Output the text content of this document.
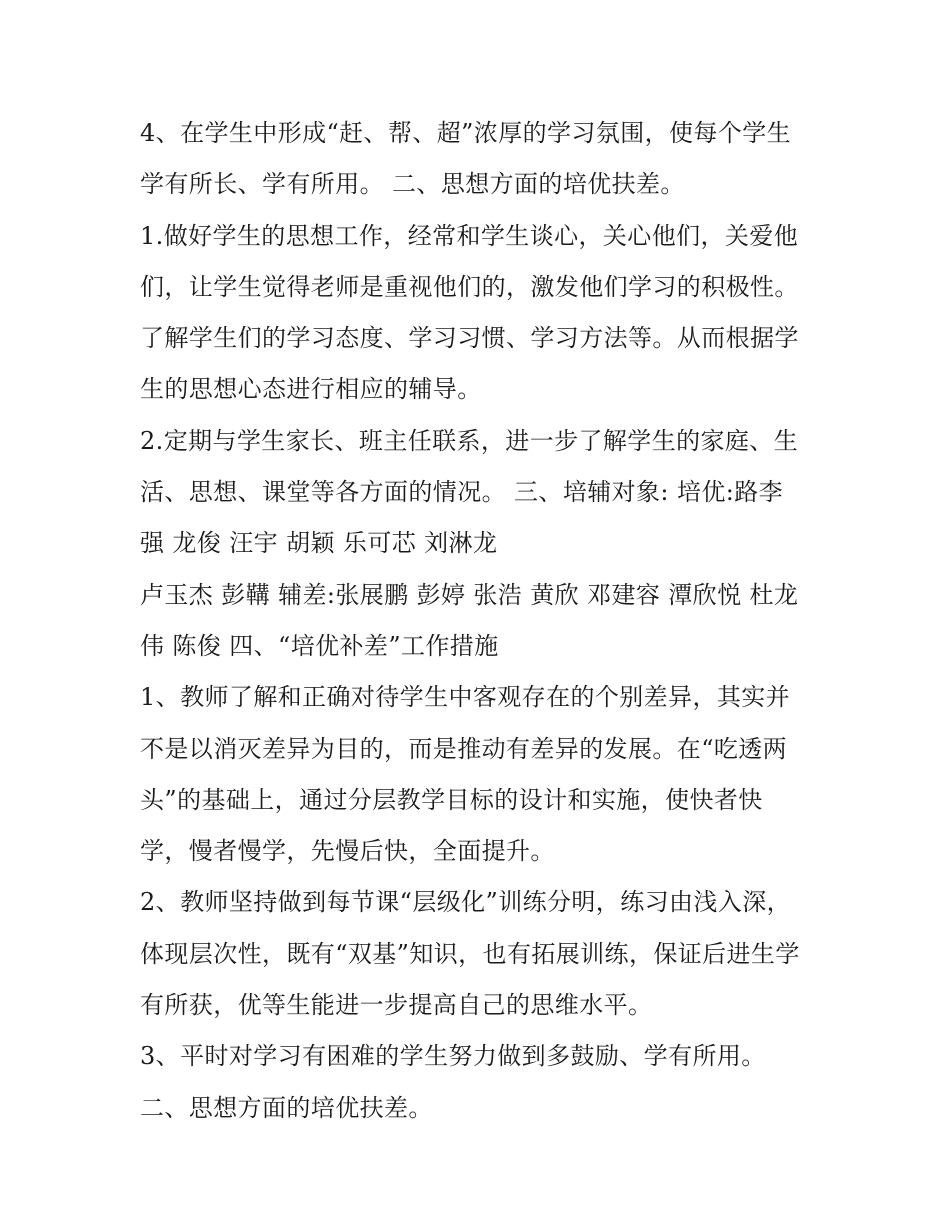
4、在学生中形成“赶、帮、超”浓厚的学习氛围，使每个学生
学有所长、学有所用。 二、思想方面的培优扶差。
1.做好学生的思想工作，经常和学生谈心，关心他们，关爱他
们，让学生觉得老师是重视他们的，激发他们学习的积极性。
了解学生们的学习态度、学习习惯、学习方法等。从而根据学
生的思想心态进行相应的辅导。
2.定期与学生家长、班主任联系，进一步了解学生的家庭、生
活、思想、课堂等各方面的情况。 三、培辅对象: 培优:路李
强 龙俊 汪宇 胡颖 乐可芯 刘淋龙
卢玉杰 彭鞲 辅差:张展鹏 彭婷 张浩 黄欣 邓建容 潭欣悦 杜龙
伟 陈俊 四、“培优补差”工作措施
1、教师了解和正确对待学生中客观存在的个别差异，其实并
不是以消灭差异为目的，而是推动有差异的发展。在“吃透两
头”的基础上，通过分层教学目标的设计和实施，使快者快
学，慢者慢学，先慢后快，全面提升。
2、教师坚持做到每节课“层级化”训练分明，练习由浅入深，
体现层次性，既有“双基”知识，也有拓展训练，保证后进生学
有所获，优等生能进一步提高自己的思维水平。
3、平时对学习有困难的学生努力做到多鼓励、学有所用。
二、思想方面的培优扶差。
